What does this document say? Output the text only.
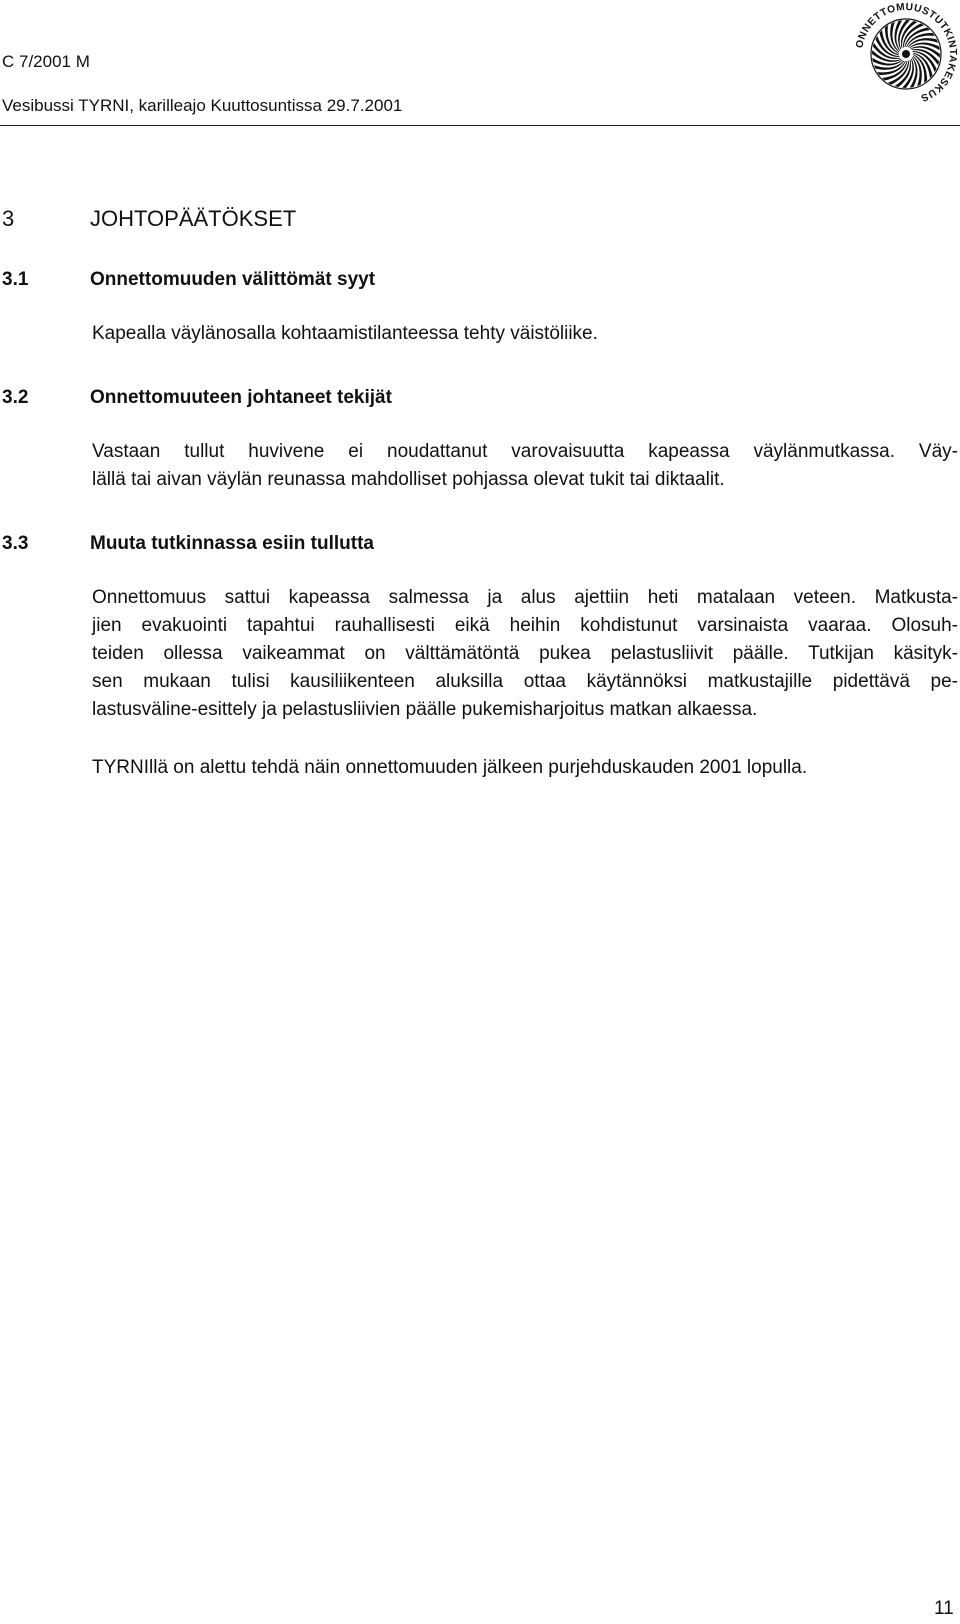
C 7/2001 M
Vesibussi TYRNI, karilleajo Kuuttosuntissa 29.7.2001
ONNETTOMUUSTUTKINTAKESKUS
3	JOHTOPÄÄTÖKSET
3.1	Onnettomuuden välittömät syyt
Kapealla väylänosalla kohtaamistilanteessa tehty väistöliike.
3.2	Onnettomuuteen johtaneet tekijät
Vastaan tullut huvivene ei noudattanut varovaisuutta kapeassa väylänmutkassa. Väy-
lällä tai aivan väylän reunassa mahdolliset pohjassa olevat tukit tai diktaalit.
3.3	Muuta tutkinnassa esiin tullutta
Onnettomuus sattui kapeassa salmessa ja alus ajettiin heti matalaan veteen. Matkusta-
jien evakuointi tapahtui rauhallisesti eikä heihin kohdistunut varsinaista vaaraa. Olosuh-
teiden ollessa vaikeammat on välttämätöntä pukea pelastusliivit päälle. Tutkijan käsityk-
sen mukaan tulisi kausiliikenteen aluksilla ottaa käytännöksi matkustajille pidettävä pe-
lastusväline-esittely ja pelastusliivien päälle pukemisharjoitus matkan alkaessa.
TYRNIllä on alettu tehdä näin onnettomuuden jälkeen purjehduskauden 2001 lopulla.
11
